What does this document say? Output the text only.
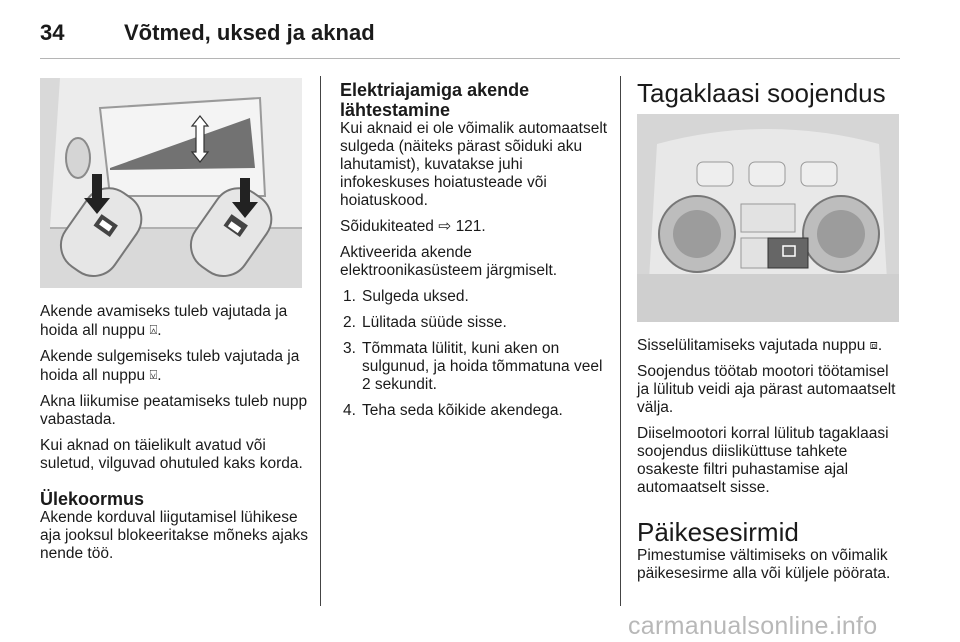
34	Võtmed, uksed ja aknad

Akende avamiseks tuleb vajutada ja hoida all nuppu ⍓.

Akende sulgemiseks tuleb vajutada ja hoida all nuppu ⍌.

Akna liikumise peatamiseks tuleb nupp vabastada.

Kui aknad on täielikult avatud või suletud, vilguvad ohutuled kaks korda.

Ülekoormus

Akende korduval liigutamisel lühikese aja jooksul blokeeritakse mõneks ajaks nende töö.

Elektriajamiga akende
lähtestamine

Kui aknaid ei ole võimalik automaatselt sulgeda (näiteks pärast sõiduki aku lahutamist), kuvatakse juhi infokeskuses hoiatusteade või hoiatuskood.

Sõidukiteated ⇨ 121.

Aktiveerida akende elektroonikasüsteem järgmiselt.

1. Sulgeda uksed.
2. Lülitada süüde sisse.
3. Tõmmata lülitit, kuni aken on sulgunud, ja hoida tõmmatuna veel 2 sekundit.
4. Teha seda kõikide akendega.
Tagaklaasi soojendus

Sisselülitamiseks vajutada nuppu ⧈.

Soojendus töötab mootori töötamisel ja lülitub veidi aja pärast automaatselt välja.

Diiselmootori korral lülitub tagaklaasi soojendus diisliküttuse tahkete osakeste filtri puhastamise ajal automaatselt sisse.

Päikesesirmid

Pimestumise vältimiseks on võimalik päikesesirme alla või küljele pöörata.

carmanualsonline.info
